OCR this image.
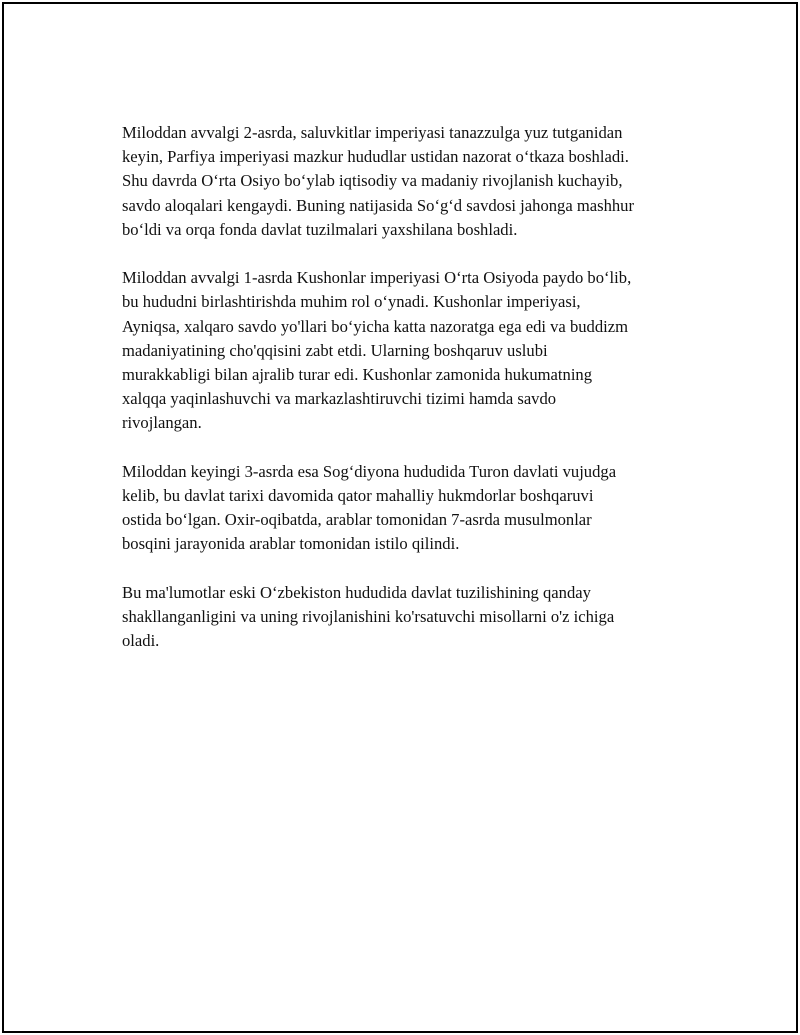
Miloddan avvalgi 2-asrda, saluvkitlar imperiyasi tanazzulga yuz tutganidan
keyin, Parfiya imperiyasi mazkur hududlar ustidan nazorat o‘tkaza boshladi.
Shu davrda O‘rta Osiyo bo‘ylab iqtisodiy va madaniy rivojlanish kuchayib,
savdo aloqalari kengaydi. Buning natijasida So‘g‘d savdosi jahonga mashhur
bo‘ldi va orqa fonda davlat tuzilmalari yaxshilana boshladi.

Miloddan avvalgi 1-asrda Kushonlar imperiyasi O‘rta Osiyoda paydo bo‘lib,
bu hududni birlashtirishda muhim rol o‘ynadi. Kushonlar imperiyasi,
Ayniqsa, xalqaro savdo yo'llari bo‘yicha katta nazoratga ega edi va buddizm
madaniyatining cho'qqisini zabt etdi. Ularning boshqaruv uslubi
murakkabligi bilan ajralib turar edi. Kushonlar zamonida hukumatning
xalqqa yaqinlashuvchi va markazlashtiruvchi tizimi hamda savdo
rivojlangan.

Miloddan keyingi 3-asrda esa Sog‘diyona hududida Turon davlati vujudga
kelib, bu davlat tarixi davomida qator mahalliy hukmdorlar boshqaruvi
ostida bo‘lgan. Oxir-oqibatda, arablar tomonidan 7-asrda musulmonlar
bosqini jarayonida arablar tomonidan istilo qilindi.

Bu ma'lumotlar eski O‘zbekiston hududida davlat tuzilishining qanday
shakllanganligini va uning rivojlanishini ko'rsatuvchi misollarni o'z ichiga
oladi.
